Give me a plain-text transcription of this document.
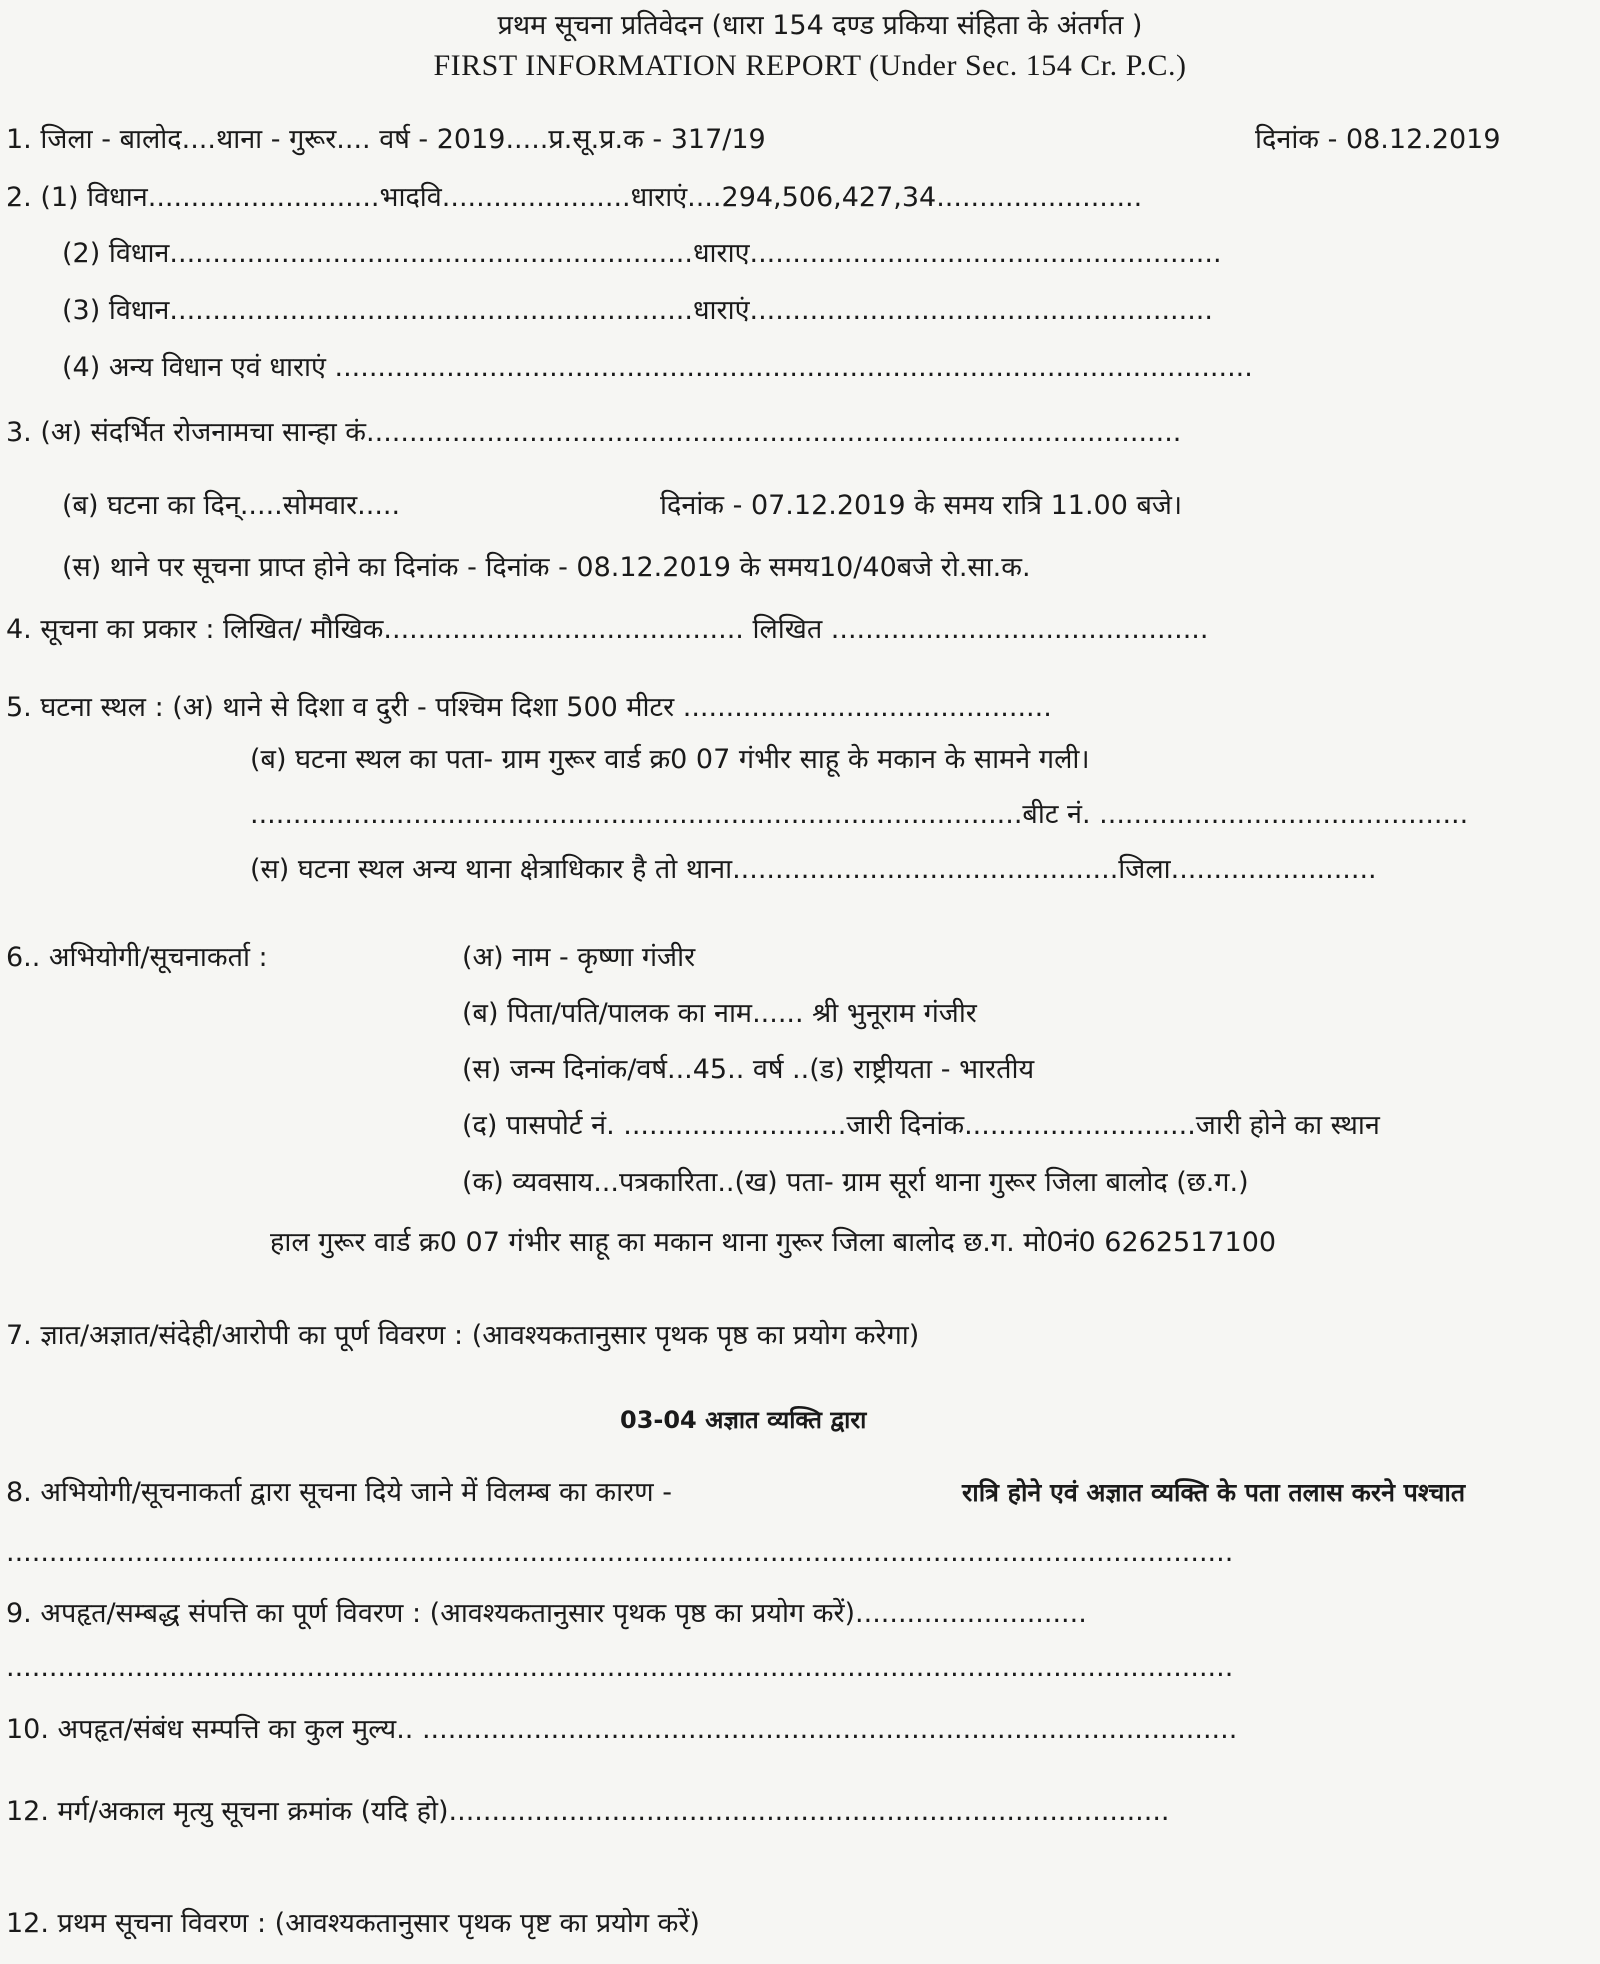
प्रथम सूचना प्रतिवेदन (धारा 154 दण्ड प्रकिया संहिता के अंतर्गत )
FIRST INFORMATION REPORT (Under Sec. 154 Cr. P.C.)
1. जिला - बालोद....थाना - गुरूर.... वर्ष - 2019.....प्र.सू.प्र.क - 317/19	दिनांक - 08.12.2019
2. (1) विधान...........................भादवि......................धाराएं....294,506,427,34........................
(2) विधान.............................................................धाराए.......................................................
(3) विधान.............................................................धाराएं......................................................
(4) अन्य विधान एवं धाराएं ...........................................................................................................
3. (अ) संदर्भित रोजनामचा सान्हा कं...............................................................................................
(ब) घटना का दिन्.....सोमवार.....	दिनांक - 07.12.2019 के समय रात्रि 11.00 बजे।
(स) थाने पर सूचना प्राप्त होने का दिनांक - दिनांक - 08.12.2019 के समय10/40बजे रो.सा.क.
4. सूचना का प्रकार : लिखित/ मौखिक.......................................... लिखित ............................................
5. घटना स्थल : (अ) थाने से दिशा व दुरी - पश्चिम दिशा 500 मीटर ...........................................
(ब) घटना स्थल का पता- ग्राम गुरूर वार्ड क्र0 07 गंभीर साहू के मकान के सामने गली।
..........................................................................................बीट नं. ...........................................
(स) घटना स्थल अन्य थाना क्षेत्राधिकार है तो थाना.............................................जिला........................
6.. अभियोगी/सूचनाकर्ता :	(अ) नाम - कृष्णा गंजीर
(ब) पिता/पति/पालक का नाम...... श्री भुनूराम गंजीर
(स) जन्म दिनांक/वर्ष...45.. वर्ष ..(ड) राष्ट्रीयता - भारतीय
(द) पासपोर्ट नं. ..........................जारी दिनांक...........................जारी होने का स्थान
(क) व्यवसाय...पत्रकारिता..(ख) पता- ग्राम सूर्रा थाना गुरूर जिला बालोद (छ.ग.)
हाल गुरूर वार्ड क्र0 07 गंभीर साहू का मकान थाना गुरूर जिला बालोद छ.ग. मो0नं0 6262517100
7. ज्ञात/अज्ञात/संदेही/आरोपी का पूर्ण विवरण : (आवश्यकतानुसार पृथक पृष्ठ का प्रयोग करेगा)
03-04 अज्ञात व्यक्ति द्वारा
8. अभियोगी/सूचनाकर्ता द्वारा सूचना दिये जाने में विलम्ब का कारण -	रात्रि होने एवं अज्ञात व्यक्ति के पता तलास करने पश्चात
...............................................................................................................................................
9. अपहृत/सम्बद्ध संपत्ति का पूर्ण विवरण : (आवश्यकतानुसार पृथक पृष्ठ का प्रयोग करें)...........................
...............................................................................................................................................
10. अपहृत/संबंध सम्पत्ति का कुल मुल्य.. ...............................................................................................
12. मर्ग/अकाल मृत्यु सूचना क्रमांक (यदि हो)....................................................................................
12. प्रथम सूचना विवरण : (आवश्यकतानुसार पृथक पृष्ट का प्रयोग करें)
